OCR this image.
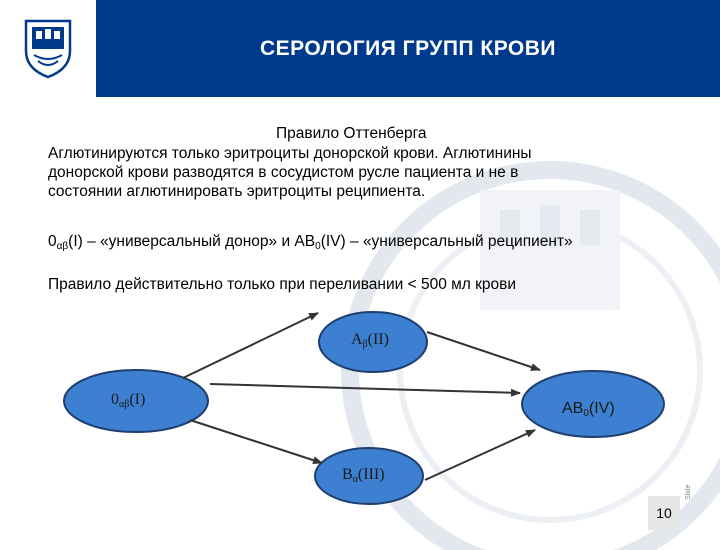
СЕРОЛОГИЯ ГРУПП КРОВИ
Правило Оттенберга
Аглютинируются только эритроциты донорской крови. Аглютинины
донорской крови разводятся в сосудистом русле пациента и не в
состоянии аглютинировать эритроциты реципиента.
$0_{\alpha\beta}(I)$ – «универсальный донор» и $АВ_0(IV)$ – «универсальный реципиент»
Правило действительно только при переливании < 500 мл крови
$A_\beta(II)$
$0_{\alpha\beta}(I)$
$AB_0(IV)$
$B_\alpha(III)$
10
Slide
